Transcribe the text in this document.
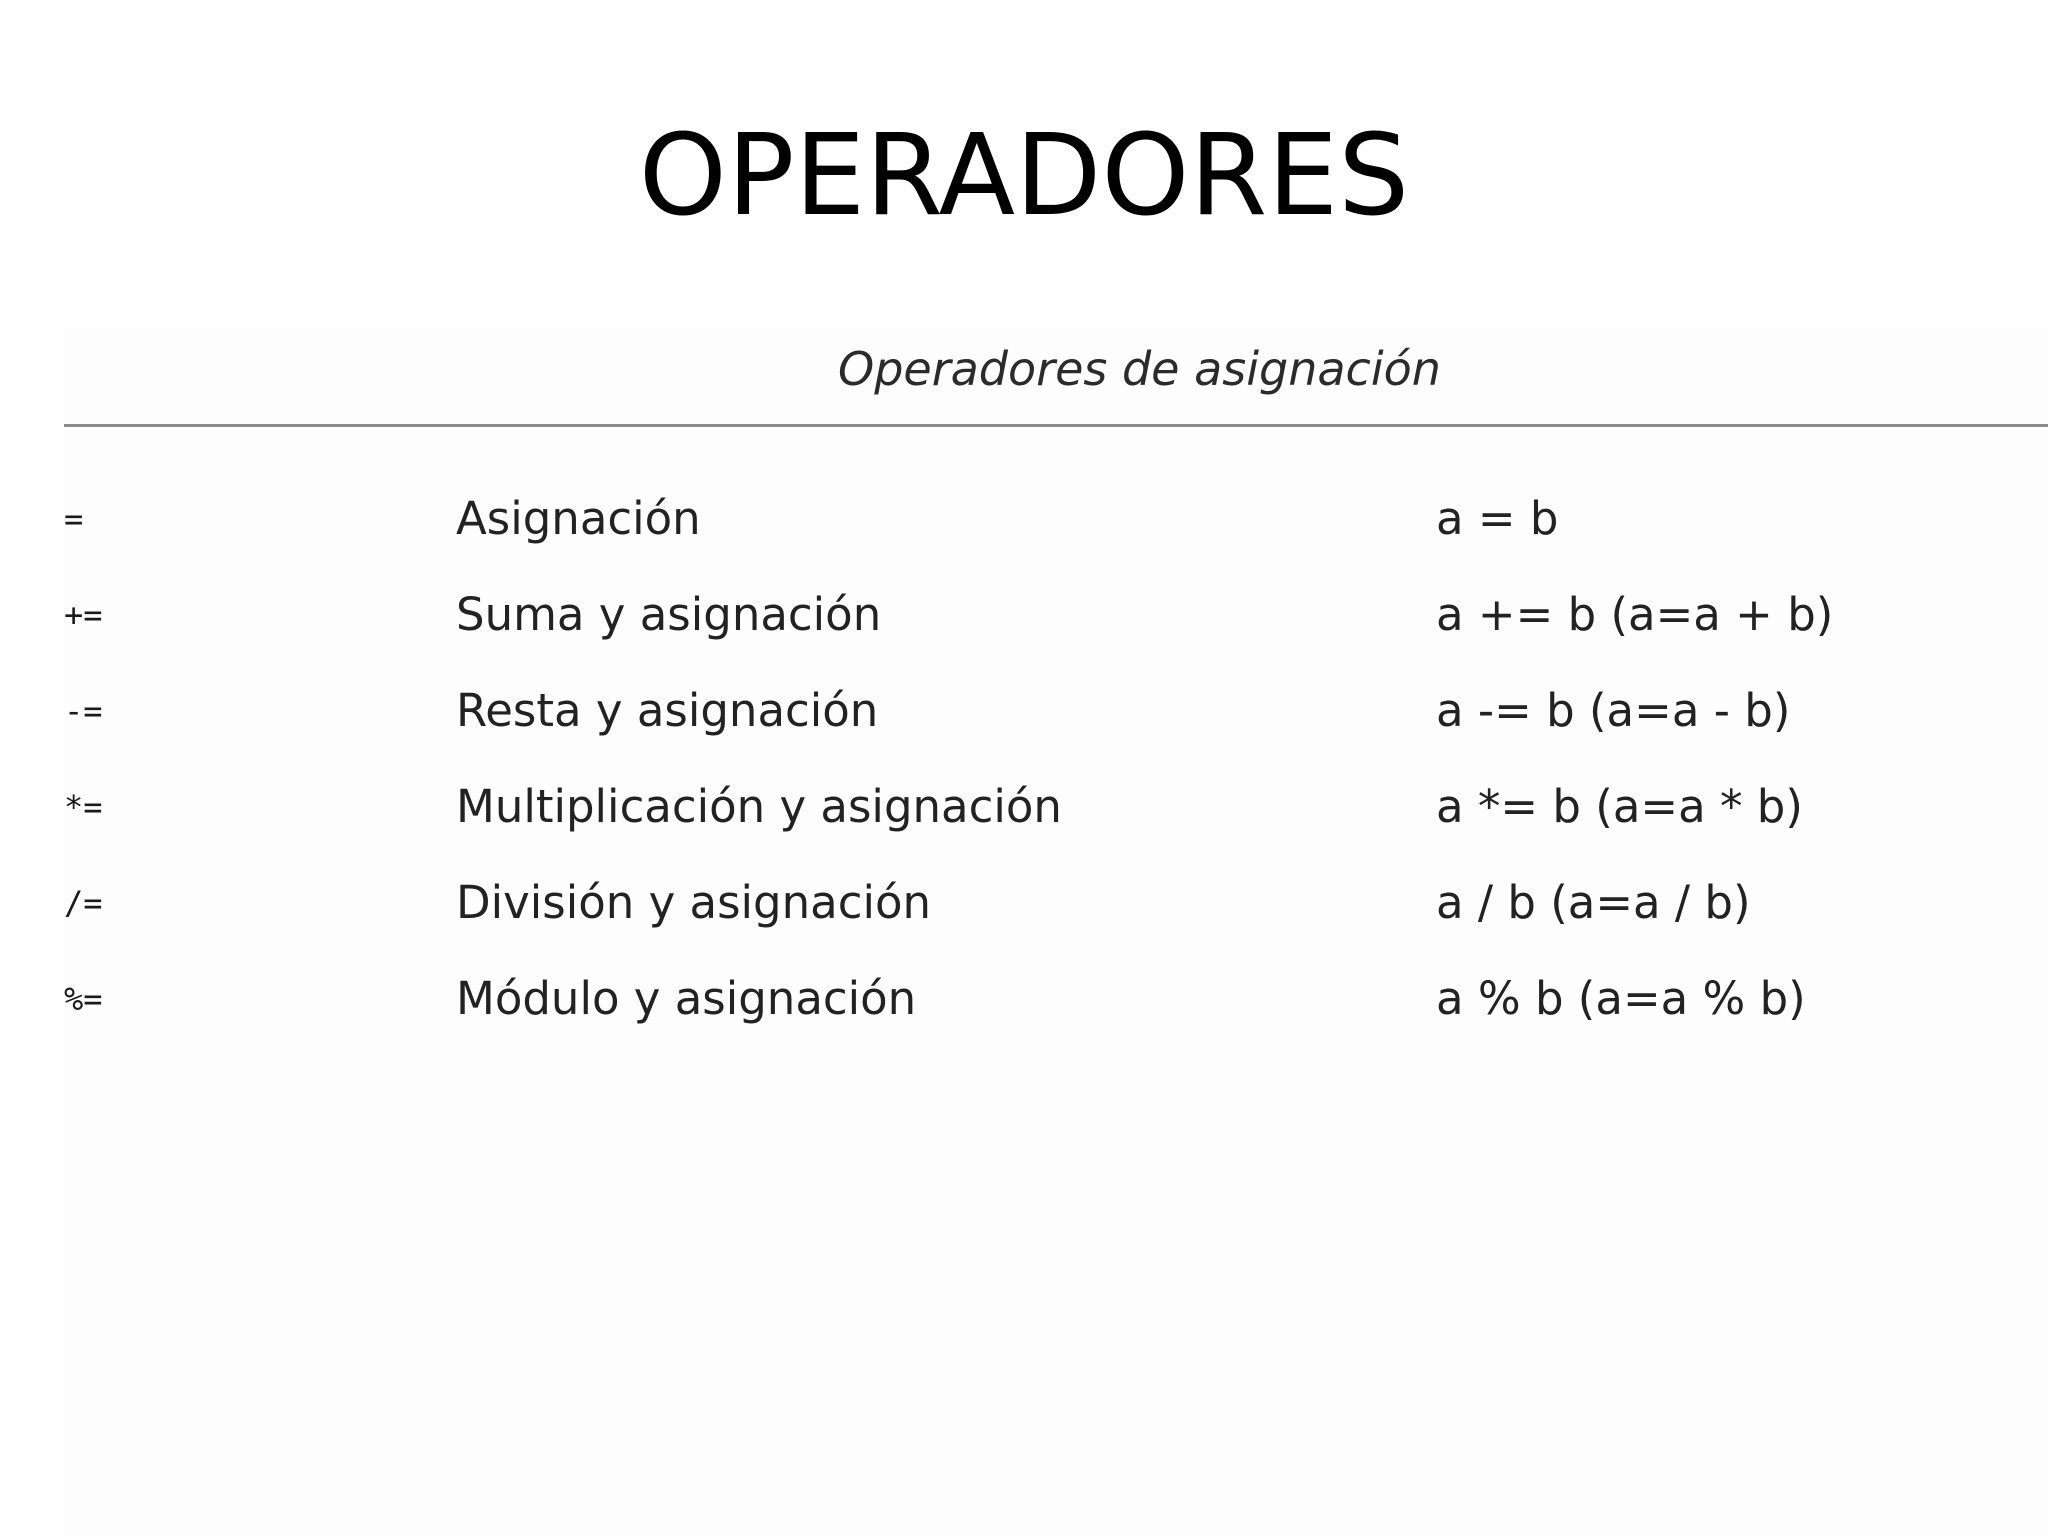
OPERADORES
Operadores de asignación
=	Asignación	a = b
+=	Suma y asignación	a += b (a=a + b)
-=	Resta y asignación	a -= b (a=a - b)
*=	Multiplicación y asignación	a *= b (a=a * b)
/=	División y asignación	a / b (a=a / b)
%=	Módulo y asignación	a % b (a=a % b)
